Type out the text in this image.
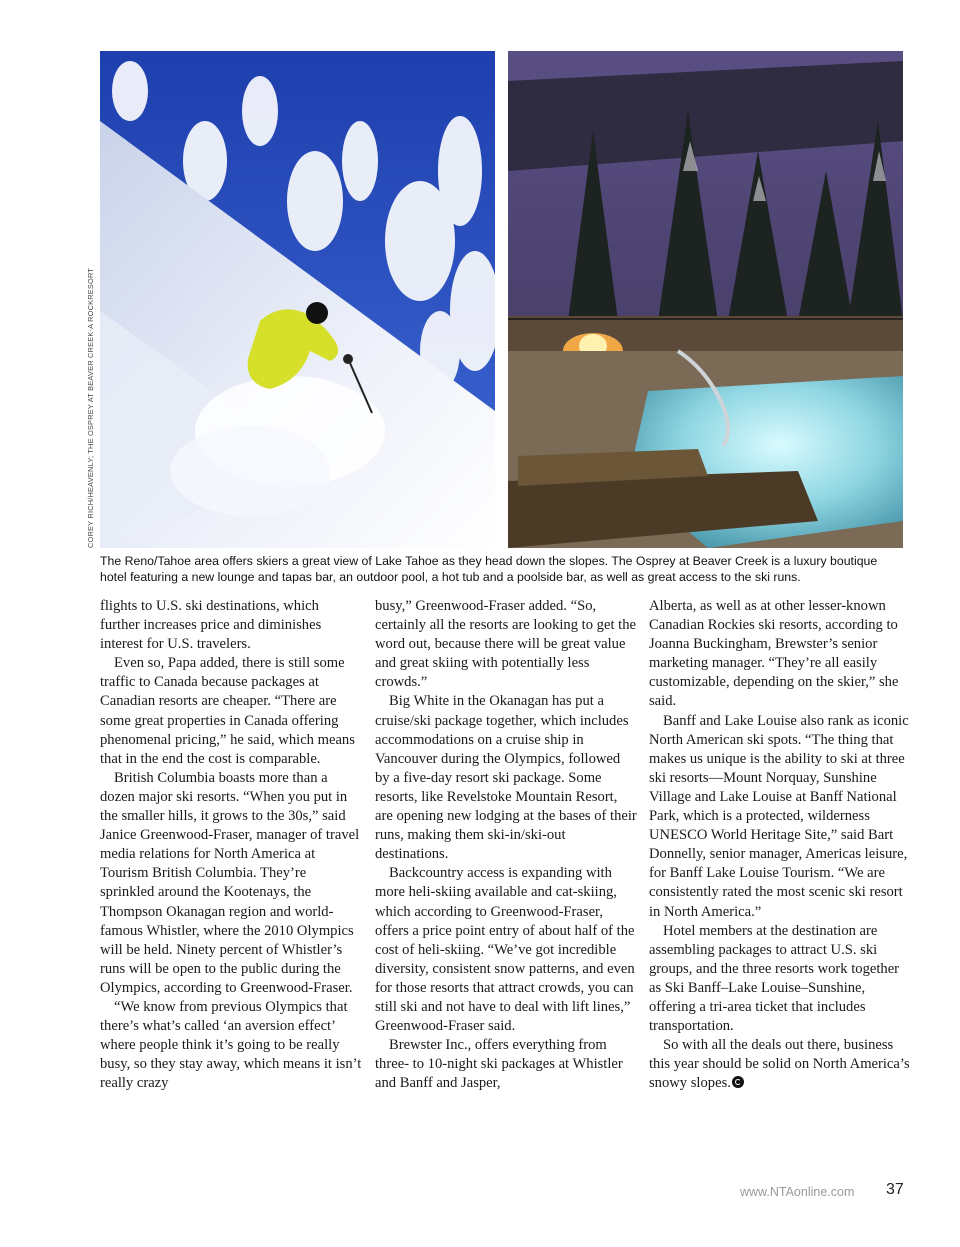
COREY RICH/HEAVENLY; THE OSPREY AT BEAVER CREEK-A ROCKRESORT
The Reno/Tahoe area offers skiers a great view of Lake Tahoe as they head down the slopes. The Osprey at Beaver Creek is a luxury boutique hotel featuring a new lounge and tapas bar, an outdoor pool, a hot tub and a poolside bar, as well as great access to the ski runs.

flights to U.S. ski destinations, which further increases price and diminishes interest for U.S. travelers.

Even so, Papa added, there is still some traffic to Canada because packages at Canadian resorts are cheaper. “There are some great properties in Canada offering phenomenal pricing,” he said, which means that in the end the cost is comparable.

British Columbia boasts more than a dozen major ski resorts. “When you put in the smaller hills, it grows to the 30s,” said Janice Greenwood-Fraser, manager of travel media relations for North America at Tourism British Columbia. They’re sprinkled around the Kootenays, the Thompson Okanagan region and world-famous Whistler, where the 2010 Olympics will be held. Ninety percent of Whistler’s runs will be open to the public during the Olympics, according to Greenwood-Fraser.

“We know from previous Olympics that there’s what’s called ‘an aversion effect’ where people think it’s going to be really busy, so they stay away, which means it isn’t really crazy

busy,” Greenwood-Fraser added. “So, certainly all the resorts are looking to get the word out, because there will be great value and great skiing with potentially less crowds.”

Big White in the Okanagan has put a cruise/ski package together, which includes accommodations on a cruise ship in Vancouver during the Olympics, followed by a five-day resort ski package. Some resorts, like Revelstoke Mountain Resort, are opening new lodging at the bases of their runs, making them ski-in/ski-out destinations.

Backcountry access is expanding with more heli-skiing available and cat-skiing, which according to Greenwood-Fraser, offers a price point entry of about half of the cost of heli-skiing. “We’ve got incredible diversity, consistent snow patterns, and even for those resorts that attract crowds, you can still ski and not have to deal with lift lines,” Greenwood-Fraser said.

Brewster Inc., offers everything from three- to 10-night ski packages at Whistler and Banff and Jasper,

Alberta, as well as at other lesser-known Canadian Rockies ski resorts, according to Joanna Buckingham, Brewster’s senior marketing manager. “They’re all easily customizable, depending on the skier,” she said.

Banff and Lake Louise also rank as iconic North American ski spots. “The thing that makes us unique is the ability to ski at three ski resorts—Mount Norquay, Sunshine Village and Lake Louise at Banff National Park, which is a protected, wilderness UNESCO World Heritage Site,” said Bart Donnelly, senior manager, Americas leisure, for Banff Lake Louise Tourism. “We are consistently rated the most scenic ski resort in North America.”

Hotel members at the destination are assembling packages to attract U.S. ski groups, and the three resorts work together as Ski Banff–Lake Louise–Sunshine, offering a tri-area ticket that includes transportation.

So with all the deals out there, business this year should be solid on North America’s snowy slopes.

www.NTAonline.com 37
